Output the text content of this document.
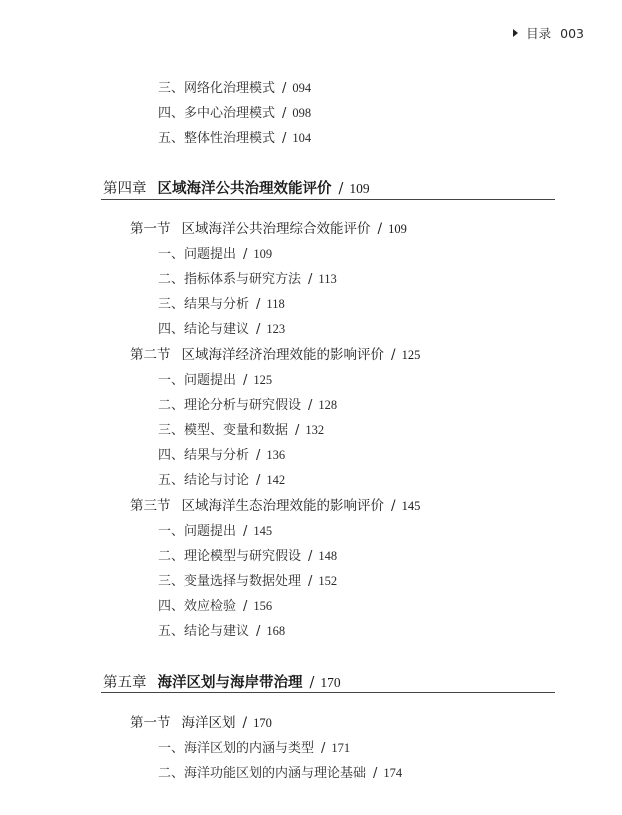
目录 003
三、网络化治理模式 / 094
四、多中心治理模式 / 098
五、整体性治理模式 / 104
第四章 区域海洋公共治理效能评价 / 109
第一节 区域海洋公共治理综合效能评价 / 109
一、问题提出 / 109
二、指标体系与研究方法 / 113
三、结果与分析 / 118
四、结论与建议 / 123
第二节 区域海洋经济治理效能的影响评价 / 125
一、问题提出 / 125
二、理论分析与研究假设 / 128
三、模型、变量和数据 / 132
四、结果与分析 / 136
五、结论与讨论 / 142
第三节 区域海洋生态治理效能的影响评价 / 145
一、问题提出 / 145
二、理论模型与研究假设 / 148
三、变量选择与数据处理 / 152
四、效应检验 / 156
五、结论与建议 / 168
第五章 海洋区划与海岸带治理 / 170
第一节 海洋区划 / 170
一、海洋区划的内涵与类型 / 171
二、海洋功能区划的内涵与理论基础 / 174
